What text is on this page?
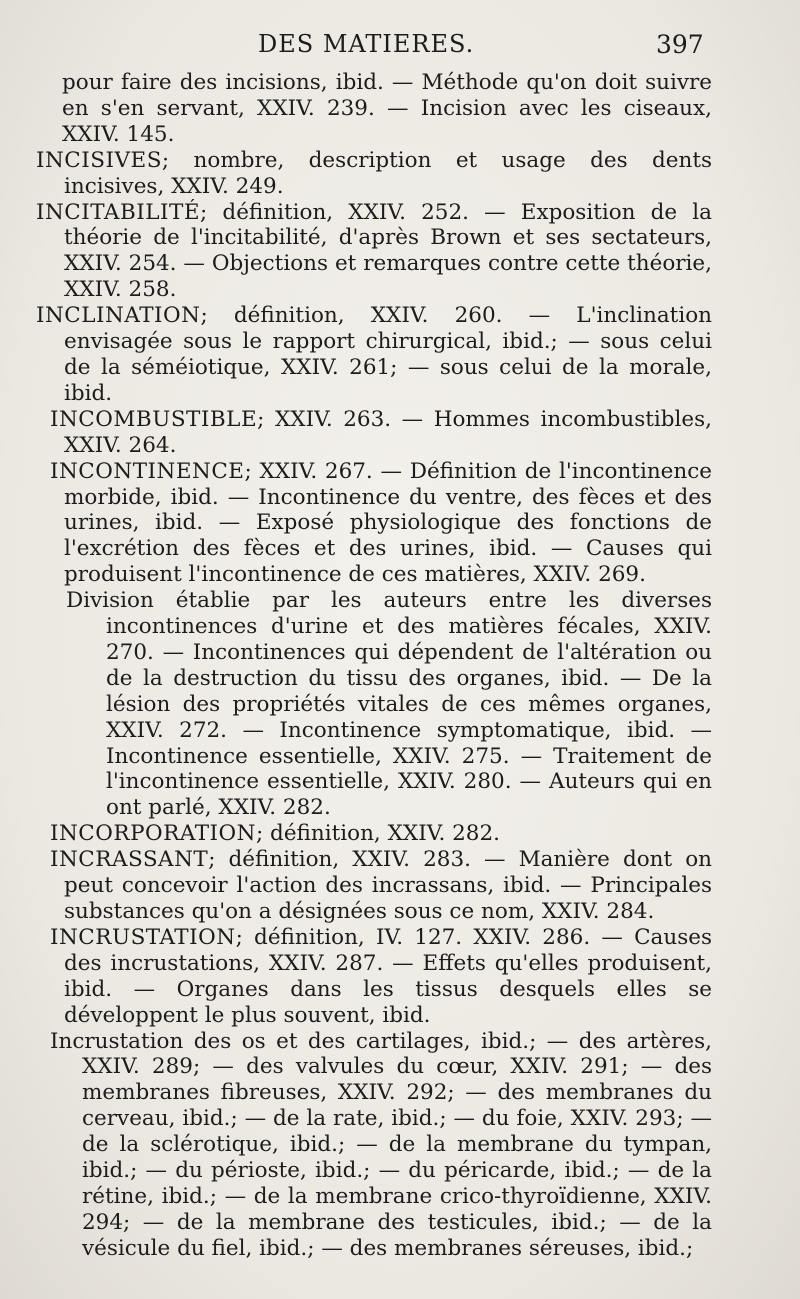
DES MATIERES.	397

pour faire des incisions, ibid. — Méthode qu'on doit suivre en s'en servant, XXIV. 239. — Incision avec les ciseaux, XXIV. 145.

INCISIVES; nombre, description et usage des dents incisives, XXIV. 249.

INCITABILITÉ; définition, XXIV. 252. — Exposition de la théorie de l'incitabilité, d'après Brown et ses sectateurs, XXIV. 254. — Objections et remarques contre cette théorie, XXIV. 258.

INCLINATION; définition, XXIV. 260. — L'inclination envisagée sous le rapport chirurgical, ibid.; — sous celui de la séméiotique, XXIV. 261; — sous celui de la morale, ibid.

INCOMBUSTIBLE; XXIV. 263. — Hommes incombustibles, XXIV. 264.

INCONTINENCE; XXIV. 267. — Définition de l'incontinence morbide, ibid. — Incontinence du ventre, des fèces et des urines, ibid. — Exposé physiologique des fonctions de l'excrétion des fèces et des urines, ibid. — Causes qui produisent l'incontinence de ces matières, XXIV. 269.

Division établie par les auteurs entre les diverses incontinences d'urine et des matières fécales, XXIV. 270. — Incontinences qui dépendent de l'altération ou de la destruction du tissu des organes, ibid. — De la lésion des propriétés vitales de ces mêmes organes, XXIV. 272. — Incontinence symptomatique, ibid. — Incontinence essentielle, XXIV. 275. — Traitement de l'incontinence essentielle, XXIV. 280. — Auteurs qui en ont parlé, XXIV. 282.

INCORPORATION; définition, XXIV. 282.

INCRASSANT; définition, XXIV. 283. — Manière dont on peut concevoir l'action des incrassans, ibid. — Principales substances qu'on a désignées sous ce nom, XXIV. 284.

INCRUSTATION; définition, IV. 127. XXIV. 286. — Causes des incrustations, XXIV. 287. — Effets qu'elles produisent, ibid. — Organes dans les tissus desquels elles se développent le plus souvent, ibid.

Incrustation des os et des cartilages, ibid.; — des artères, XXIV. 289; — des valvules du cœur, XXIV. 291; — des membranes fibreuses, XXIV. 292; — des membranes du cerveau, ibid.; — de la rate, ibid.; — du foie, XXIV. 293; — de la sclérotique, ibid.; — de la membrane du tympan, ibid.; — du périoste, ibid.; — du péricarde, ibid.; — de la rétine, ibid.; — de la membrane crico-thyroïdienne, XXIV. 294; — de la membrane des testicules, ibid.; — de la vésicule du fiel, ibid.; — des membranes séreuses, ibid.;
